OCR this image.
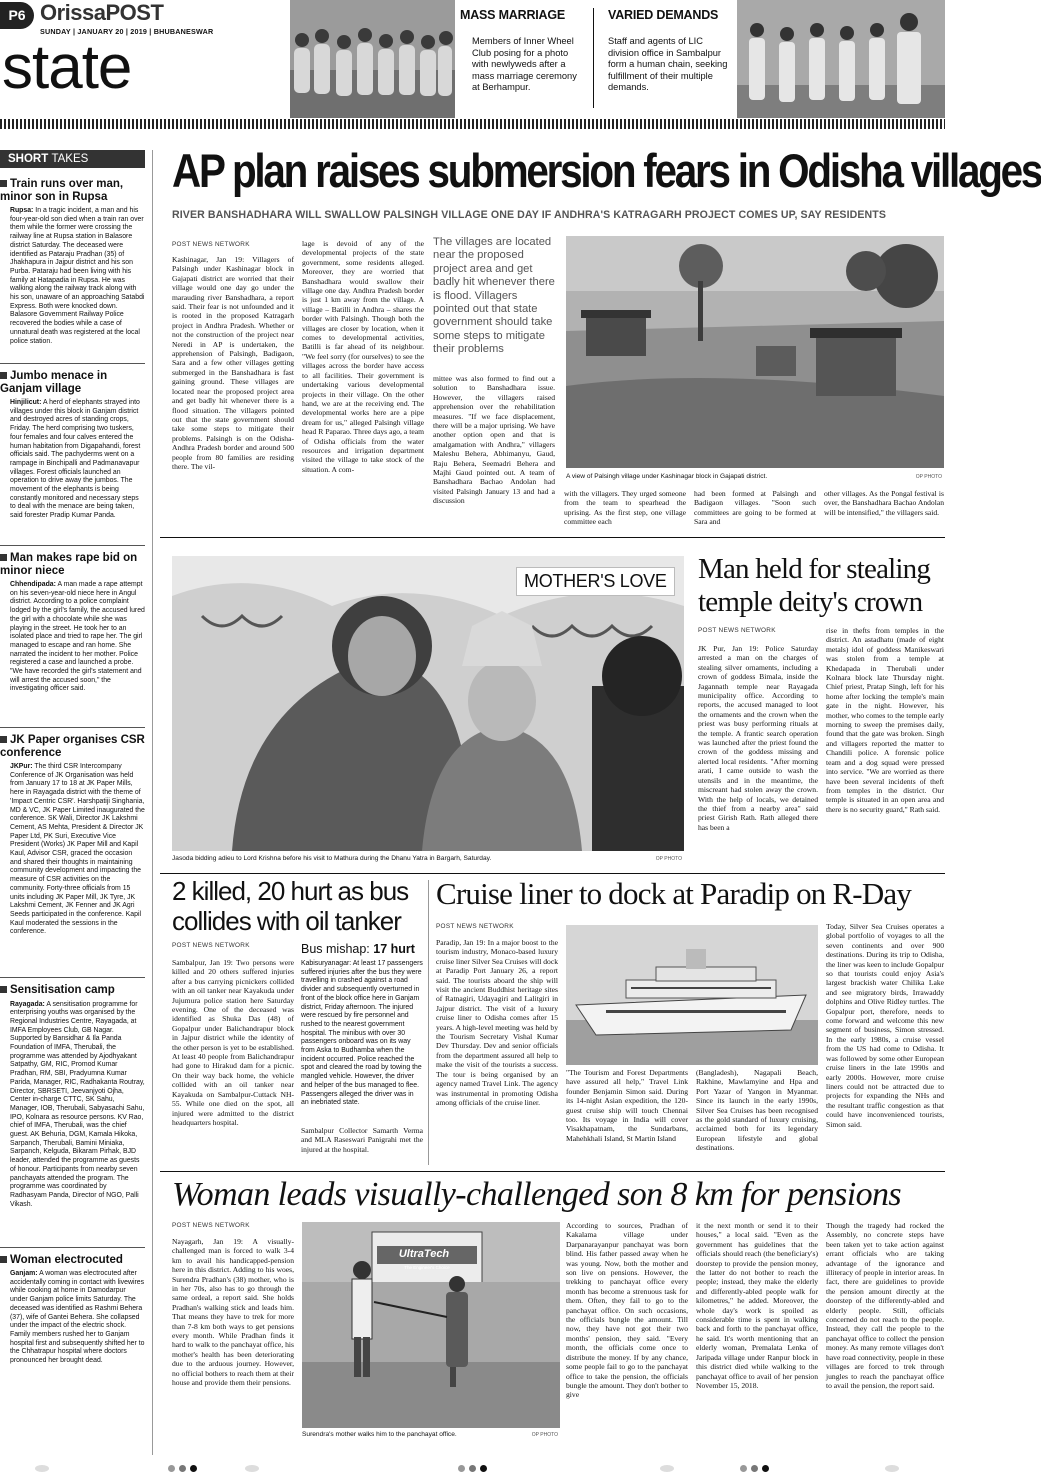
P6 OrissaPOST
SUNDAY | JANUARY 20 | 2019 | BHUBANESWAR
state
MASS MARRIAGE
Members of Inner Wheel Club posing for a photo with newlyweds after a mass marriage ceremony at Berhampur.
VARIED DEMANDS
Staff and agents of LIC division office in Sambalpur form a human chain, seeking fulfillment of their multiple demands.
SHORT TAKES
Train runs over man, minor son in Rupsa
Rupsa: In a tragic incident, a man and his four-year-old son died when a train ran over them while the former were crossing the railway line at Rupsa station in Balasore district Saturday. The deceased were identified as Pataraju Pradhan (35) of Jhakhapura in Jajpur district and his son Purba. Pataraju had been living with his family at Hatapadia in Rupsa. He was walking along the railway track along with his son, unaware of an approaching Satabdi Express. Both were knocked down. Balasore Government Railway Police recovered the bodies while a case of unnatural death was registered at the local police station.
Jumbo menace in Ganjam village
Hinjilicut: A herd of elephants strayed into villages under this block in Ganjam district and destroyed acres of standing crops, Friday. The herd comprising two tuskers, four females and four calves entered the human habitation from Digapahandi, forest officials said. The pachyderms went on a rampage in Binchipalli and Padmanavapur villages. Forest officials launched an operation to drive away the jumbos. The movement of the elephants is being constantly monitored and necessary steps to deal with the menace are being taken, said forester Pradip Kumar Panda.
Man makes rape bid on minor niece
Chhendipada: A man made a rape attempt on his seven-year-old niece here in Angul district. According to a police complaint lodged by the girl's family, the accused lured the girl with a chocolate while she was playing in the street. He took her to an isolated place and tried to rape her. The girl managed to escape and ran home. She narrated the incident to her mother. Police registered a case and launched a probe. "We have recorded the girl's statement and will arrest the accused soon," the investigating officer said.
JK Paper organises CSR conference
JKPur: The third CSR Intercompany Conference of JK Organisation was held from January 17 to 18 at JK Paper Mills, here in Rayagada district with the theme of 'Impact Centric CSR'. Harshpatiji Singhania, MD & VC, JK Paper Limited inaugurated the conference. SK Wali, Director JK Lakshmi Cement, AS Mehta, President & Director JK Paper Ltd, PK Suri, Executive Vice President (Works) JK Paper Mill and Kapil Kaul, Advisor CSR, graced the occasion and shared their thoughts in maintaining community development and impacting the measure of CSR activities on the community. Forty-three officials from 15 units including JK Paper Mill, JK Tyre, JK Lakshmi Cement, JK Fenner and JK Agri Seeds participated in the conference. Kapil Kaul moderated the sessions in the conference.
Sensitisation camp
Rayagada: A sensitisation programme for enterprising youths was organised by the Regional Industries Centre, Rayagada, at IMFA Employees Club, GB Nagar. Supported by Bansidhar & Ila Panda Foundation of IMFA, Therubali, the programme was attended by Ajodhyakant Satpathy, GM, RIC, Promod Kumar Pradhan, RM, SBI, Pradyumna Kumar Parida, Manager, RIC, Radhakanta Routray, Director, SBRSETI, Jeevanjyoti Ojha, Center in-charge CTTC, SK Sahu, Manager, IOB, Therubali, Sabyasachi Sahu, IPO, Kolnara as resource persons. KV Rao, chief of IMFA, Therubali, was the chief guest. AK Behuria, DGM, Kamala Hikoka, Sarpanch, Therubali, Bamini Miniaka, Sarpanch, Kelguda, Bikaram Pirhak, BJD leader, attended the programme as guests of honour. Participants from nearby seven panchayats attended the program. The programme was coordinated by Radhasyam Panda, Director of NGO, Palli Vikash.
Woman electrocuted
Ganjam: A woman was electrocuted after accidentally coming in contact with livewires while cooking at home in Damodarpur under Ganjam police limits Saturday. The deceased was identified as Rashmi Behera (37), wife of Gantei Behera. She collapsed under the impact of the electric shock. Family members rushed her to Ganjam hospital first and subsequently shifted her to the Chhatrapur hospital where doctors pronounced her brought dead.
AP plan raises submersion fears in Odisha villages
RIVER BANSHADHARA WILL SWALLOW PALSINGH VILLAGE ONE DAY IF ANDHRA'S KATRAGARH PROJECT COMES UP, SAY RESIDENTS
POST NEWS NETWORK
Kashinagar, Jan 19: Villagers of Palsingh under Kashinagar block in Gajapati district are worried that their village would one day go under the marauding river Banshadhara, a report said. Their fear is not unfounded and it is rooted in the proposed Katragarh project in Andhra Pradesh. Whether or not the construction of the project near Neredi in AP is undertaken, the apprehension of Palsingh, Badigaon, Sara and a few other villages getting submerged in the Banshadhara is fast gaining ground. These villages are located near the proposed project area and get badly hit whenever there is a flood situation. The villagers pointed out that the state government should take some steps to mitigate their problems. Palsingh is on the Odisha-Andhra Pradesh border and around 500 people from 80 families are residing there. The vil-
lage is devoid of any of the developmental projects of the state government, some residents alleged. Moreover, they are worried that Banshadhara would swallow their village one day. Andhra Pradesh border is just 1 km away from the village. A village – Batilli in Andhra – shares the border with Palsingh. Though both the villages are closer by location, when it comes to developmental activities, Batilli is far ahead of its neighbour. "We feel sorry (for ourselves) to see the villages across the border have access to all facilities. Their government is undertaking various developmental projects in their village. On the other hand, we are at the receiving end. The developmental works here are a pipe dream for us," alleged Palsingh village head R Paparao. Three days ago, a team of Odisha officials from the water resources and irrigation department visited the village to take stock of the situation. A com-
The villages are located near the proposed project area and get badly hit whenever there is flood. Villagers pointed out that state government should take some steps to mitigate their problems
mittee was also formed to find out a solution to Banshadhara issue. However, the villagers raised apprehension over the rehabilitation measures. "If we face displacement, there will be a major uprising. We have another option open and that is amalgamation with Andhra," villagers Maleshu Behera, Abhimanyu, Gaud, Raju Behera, Seemadri Behera and Majhi Gaud pointed out. A team of Banshadhara Bachao Andolan had visited Palsingh January 13 and had a discussion
A view of Palsingh village under Kashinagar block in Gajapati district.	OP PHOTO
with the villagers. They urged someone from the team to spearhead the uprising. As the first step, one village committee each
had been formed at Palsingh and Badigaon villages. "Soon such committees are going to be formed at Sara and
other villages. As the Pongal festival is over, the Banshadhara Bachao Andolan will be intensified," the villagers said.
MOTHER'S LOVE
Jasoda bidding adieu to Lord Krishna before his visit to Mathura during the Dhanu Yatra in Bargarh, Saturday.	OP PHOTO
Man held for stealing temple deity's crown
POST NEWS NETWORK
JK Pur, Jan 19: Police Saturday arrested a man on the charges of stealing silver ornaments, including a crown of goddess Bimala, inside the Jagannath temple near Rayagada municipality office. According to reports, the accused managed to loot the ornaments and the crown when the priest was busy performing rituals at the temple. A frantic search operation was launched after the priest found the crown of the goddess missing and alerted local residents. "After morning arati, I came outside to wash the utensils and in the meantime, the miscreant had stolen away the crown. With the help of locals, we detained the thief from a nearby area" said priest Girish Rath. Rath alleged there has been a
rise in thefts from temples in the district. An astadhatu (made of eight metals) idol of goddess Manikeswari was stolen from a temple at Khedapada in Therubali under Kolnara block late Thursday night. Chief priest, Pratap Singh, left for his home after locking the temple's main gate in the night. However, his mother, who comes to the temple early morning to sweep the premises daily, found that the gate was broken. Singh and villagers reported the matter to Chandili police. A forensic police team and a dog squad were pressed into service. "We are worried as there have been several incidents of theft from temples in the district. Our temple is situated in an open area and there is no security guard," Rath said.
2 killed, 20 hurt as bus collides with oil tanker
POST NEWS NETWORK
Sambalpur, Jan 19: Two persons were killed and 20 others suffered injuries after a bus carrying picnickers collided with an oil tanker near Kayakuda under Jujumura police station here Saturday evening. One of the deceased was identified as Shuka Das (48) of Gopalpur under Balichandrapur block in Jajpur district while the identity of the other person is yet to be established. At least 40 people from Balichandrapur had gone to Hirakud dam for a picnic. On their way back home, the vehicle collided with an oil tanker near Kayakuda on Sambalpur-Cuttack NH-55. While one died on the spot, all injured were admitted to the district headquarters hospital.
Bus mishap: 17 hurt
Kabisuryanagar: At least 17 passengers suffered injuries after the bus they were travelling in crashed against a road divider and subsequently overturned in front of the block office here in Ganjam district, Friday afternoon. The injured were rescued by fire personnel and rushed to the nearest government hospital. The minibus with over 30 passengers onboard was on its way from Aska to Budhamba when the incident occurred. Police reached the spot and cleared the road by towing the mangled vehicle. However, the driver and helper of the bus managed to flee. Passengers alleged the driver was in an inebriated state.
Sambalpur Collector Samarth Verma and MLA Raseswari Panigrahi met the injured at the hospital.
Cruise liner to dock at Paradip on R-Day
POST NEWS NETWORK
Paradip, Jan 19: In a major boost to the tourism industry, Monaco-based luxury cruise liner Silver Sea Cruises will dock at Paradip Port January 26, a report said. The tourists aboard the ship will visit the ancient Buddhist heritage sites of Ratnagiri, Udayagiri and Lalitgiri in Jajpur district. The visit of a luxury cruise liner to Odisha comes after 15 years. A high-level meeting was held by the Tourism Secretary Vishal Kumar Dev Thursday. Dev and senior officials from the department assured all help to make the visit of the tourists a success. The tour is being organised by an agency named Travel Link. The agency was instrumental in promoting Odisha among officials of the cruise liner.
"The Tourism and Forest Departments have assured all help," Travel Link founder Benjamin Simon said. During its 14-night Asian expedition, the 120-guest cruise ship will touch Chennai too. Its voyage in India will cover Visakhapatnam, the Sundarbans, Mahehkhali Island, St Martin Island
(Bangladesh), Nagapali Beach, Rakhine, Mawlamyine and Hpa and Port Yazar of Yangon in Myanmar. Since its launch in the early 1990s, Silver Sea Cruises has been recognised as the gold standard of luxury cruising, acclaimed both for its legendary European lifestyle and global destinations.
Today, Silver Sea Cruises operates a global portfolio of voyages to all the seven continents and over 900 destinations. During its trip to Odisha, the liner was keen to include Gopalpur so that tourists could enjoy Asia's largest brackish water Chilika Lake and see migratory birds, Irrawaddy dolphins and Olive Ridley turtles. The Gopalpur port, therefore, needs to come forward and welcome this new segment of business, Simon stressed. In the early 1980s, a cruise vessel from the US had come to Odisha. It was followed by some other European cruise liners in the late 1990s and early 2000s. However, more cruise liners could not be attracted due to projects for expanding the NHs and the resultant traffic congestion as that could have inconvenienced tourists, Simon said.
Woman leads visually-challenged son 8 km for pensions
POST NEWS NETWORK
Nayagarh, Jan 19: A visually-challenged man is forced to walk 3-4 km to avail his handicapped-pension here in this district. Adding to his woes, Surendra Pradhan's (38) mother, who is in her 70s, also has to go through the same ordeal, a report said. She holds Pradhan's walking stick and leads him. That means they have to trek for more than 7-8 km both ways to get pensions every month. While Pradhan finds it hard to walk to the panchayat office, his mother's health has been deteriorating due to the arduous journey. However, no official bothers to reach them at their house and provide them their pensions.
UltraTech
The Engineer's Choice
Surendra's mother walks him to the panchayat office.	OP PHOTO
According to sources, Pradhan of Kakalama village under Darpanarayanpur panchayat was born blind. His father passed away when he was young. Now, both the mother and son live on pensions. However, the trekking to panchayat office every month has become a strenuous task for them. Often, they fail to go to the panchayat office. On such occasions, the officials bungle the amount. Till now, they have not got their two months' pension, they said. "Every month, the officials come once to distribute the money. If by any chance, some people fail to go to the panchayat office to take the pension, the officials bungle the amount. They don't bother to give
it the next month or send it to their houses," a local said. "Even as the government has guidelines that the officials should reach (the beneficiary's) doorstep to provide the pension money, the latter do not bother to reach the people; instead, they make the elderly and differently-abled people walk for kilometres," he added. Moreover, the whole day's work is spoiled as considerable time is spent in walking back and forth to the panchayat office, he said. It's worth mentioning that an elderly woman, Premalata Lenka of Jaripada village under Ranpur block in this district died while walking to the panchayat office to avail of her pension November 15, 2018.
Though the tragedy had rocked the Assembly, no concrete steps have been taken yet to take action against errant officials who are taking advantage of the ignorance and illiteracy of people in interior areas. In fact, there are guidelines to provide the pension amount directly at the doorstep of the differently-abled and elderly people. Still, officials concerned do not reach to the people. Instead, they call the people to the panchayat office to collect the pension money. As many remote villages don't have road connectivity, people in these villages are forced to trek through jungles to reach the panchayat office to avail the pension, the report said.
